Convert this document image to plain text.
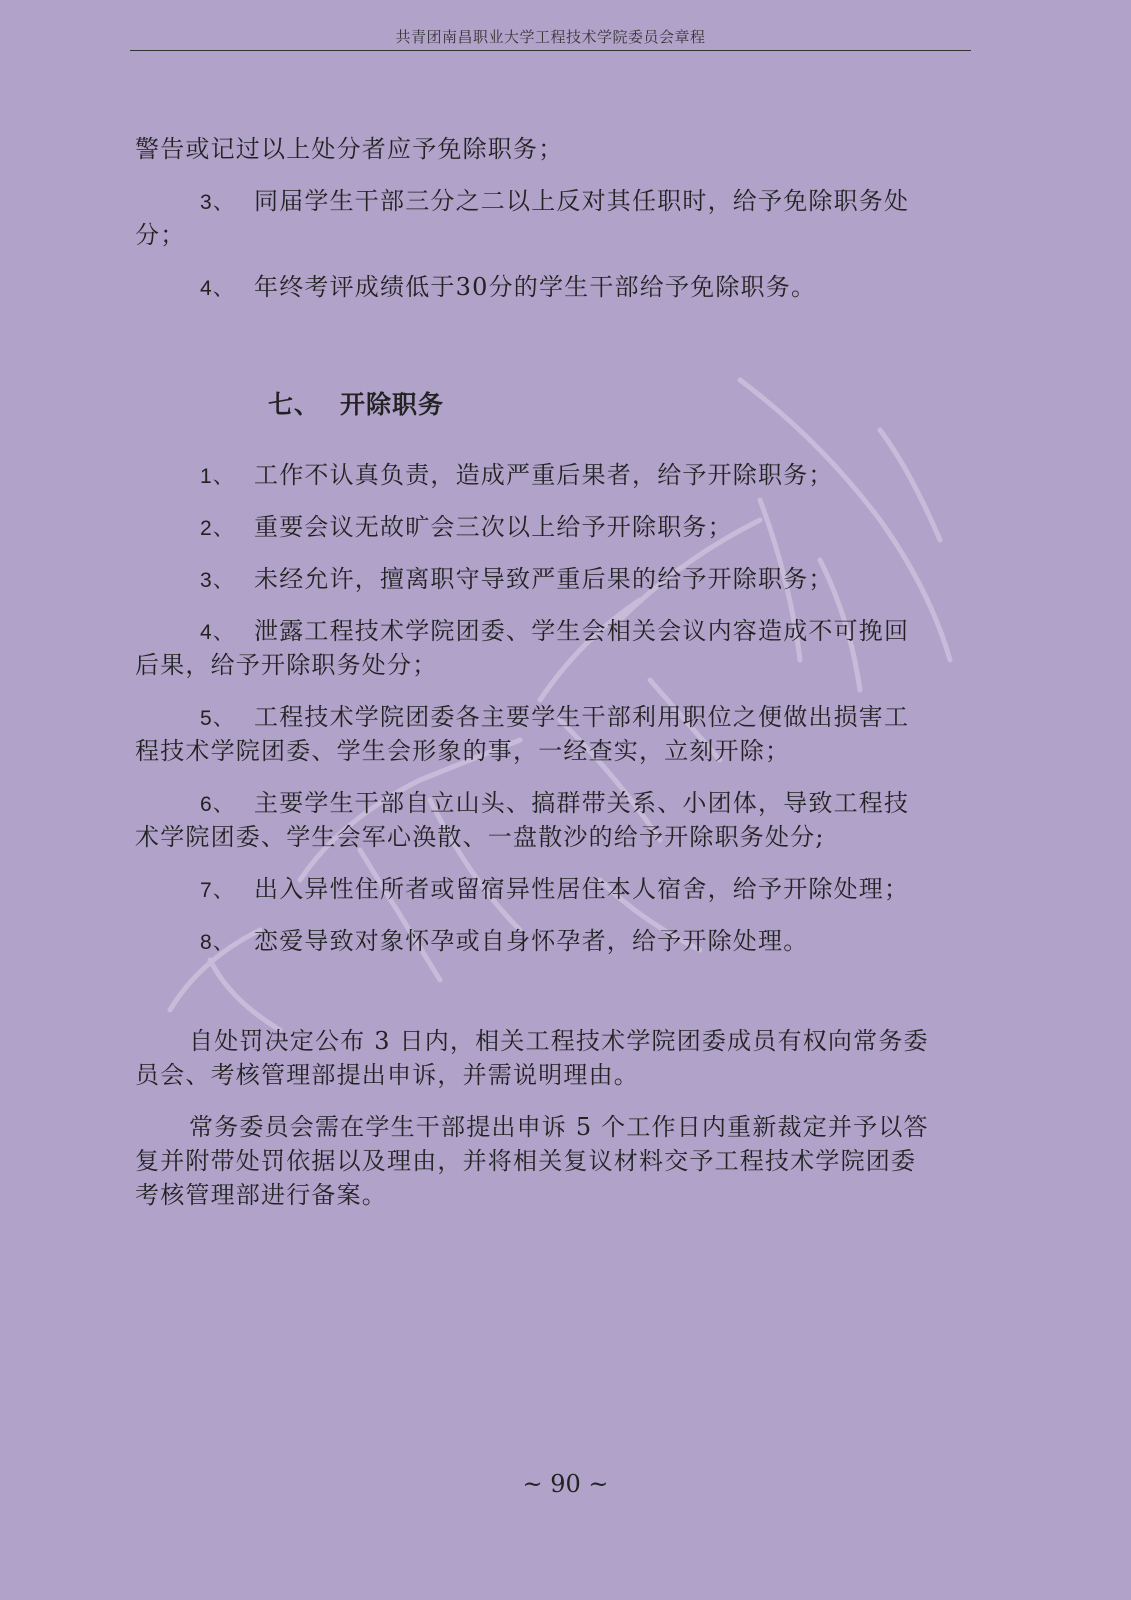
共青团南昌职业大学工程技术学院委员会章程
警告或记过以上处分者应予免除职务；
3、 同届学生干部三分之二以上反对其任职时，给予免除职务处
分；
4、 年终考评成绩低于30分的学生干部给予免除职务。
七、 开除职务
1、 工作不认真负责，造成严重后果者，给予开除职务；
2、 重要会议无故旷会三次以上给予开除职务；
3、 未经允许，擅离职守导致严重后果的给予开除职务；
4、 泄露工程技术学院团委、学生会相关会议内容造成不可挽回
后果，给予开除职务处分；
5、 工程技术学院团委各主要学生干部利用职位之便做出损害工
程技术学院团委、学生会形象的事，一经查实，立刻开除；
6、 主要学生干部自立山头、搞群带关系、小团体，导致工程技
术学院团委、学生会军心涣散、一盘散沙的给予开除职务处分;
7、 出入异性住所者或留宿异性居住本人宿舍，给予开除处理；
8、 恋爱导致对象怀孕或自身怀孕者，给予开除处理。
自处罚决定公布 3 日内，相关工程技术学院团委成员有权向常务委
员会、考核管理部提出申诉，并需说明理由。
常务委员会需在学生干部提出申诉 5 个工作日内重新裁定并予以答
复并附带处罚依据以及理由，并将相关复议材料交予工程技术学院团委
考核管理部进行备案。
~ 90 ~
